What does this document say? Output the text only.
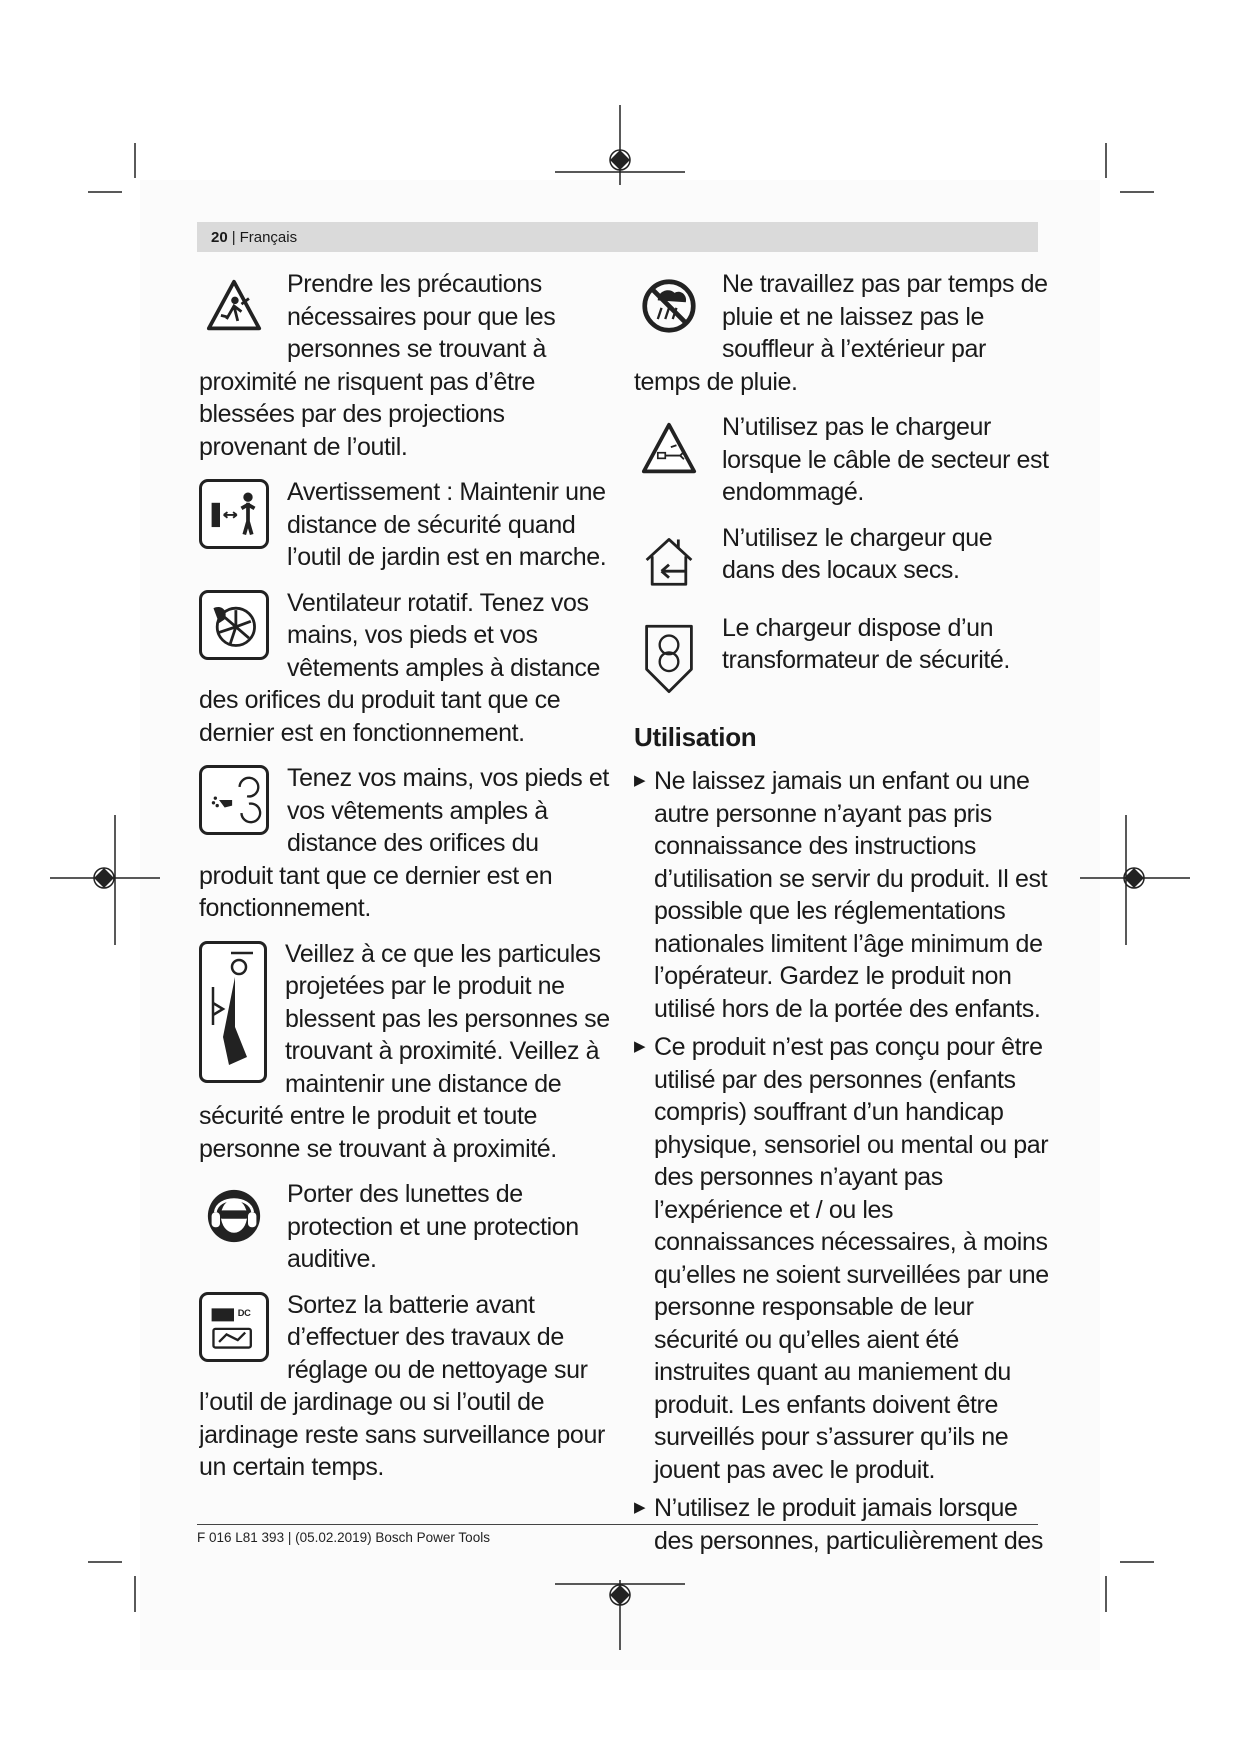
20 | Français

Prendre les précautions nécessaires pour que les personnes se trouvant à proximité ne risquent pas d’être blessées par des projections provenant de l’outil.

Avertissement : Maintenir une distance de sécurité quand l’outil de jardin est en marche.

Ventilateur rotatif. Tenez vos mains, vos pieds et vos vêtements amples à distance des orifices du produit tant que ce dernier est en fonctionnement.

Tenez vos mains, vos pieds et vos vêtements amples à distance des orifices du produit tant que ce dernier est en fonctionnement.

Veillez à ce que les particules projetées par le produit ne blessent pas les personnes se trouvant à proximité. Veillez à maintenir une distance de sécurité entre le produit et toute personne se trouvant à proximité.

Porter des lunettes de protection et une protection auditive.

DC	Sortez la batterie avant d’effectuer des travaux de réglage ou de nettoyage sur l’outil de jardinage ou si l’outil de jardinage reste sans surveillance pour un certain temps.

Ne travaillez pas par temps de pluie et ne laissez pas le souffleur à l’extérieur par temps de pluie.

N’utilisez pas le chargeur lorsque le câble de secteur est endommagé.

N’utilisez le chargeur que dans des locaux secs.

Le chargeur dispose d’un transformateur de sécurité.

Utilisation
▶ Ne laissez jamais un enfant ou une autre personne n’ayant pas pris connaissance des instructions d’utilisation se servir du produit. Il est possible que les réglementations nationales limitent l’âge minimum de l’opérateur. Gardez le produit non utilisé hors de la portée des enfants.
▶ Ce produit n’est pas conçu pour être utilisé par des personnes (enfants compris) souffrant d’un handicap physique, sensoriel ou mental ou par des personnes n’ayant pas l’expérience et / ou les connaissances nécessaires, à moins qu’elles ne soient surveillées par une personne responsable de leur sécurité ou qu’elles aient été instruites quant au maniement du produit. Les enfants doivent être surveillés pour s’assurer qu’ils ne jouent pas avec le produit.
▶ N’utilisez le produit jamais lorsque des personnes, particulièrement des
F 016 L81 393 | (05.02.2019) Bosch Power Tools
